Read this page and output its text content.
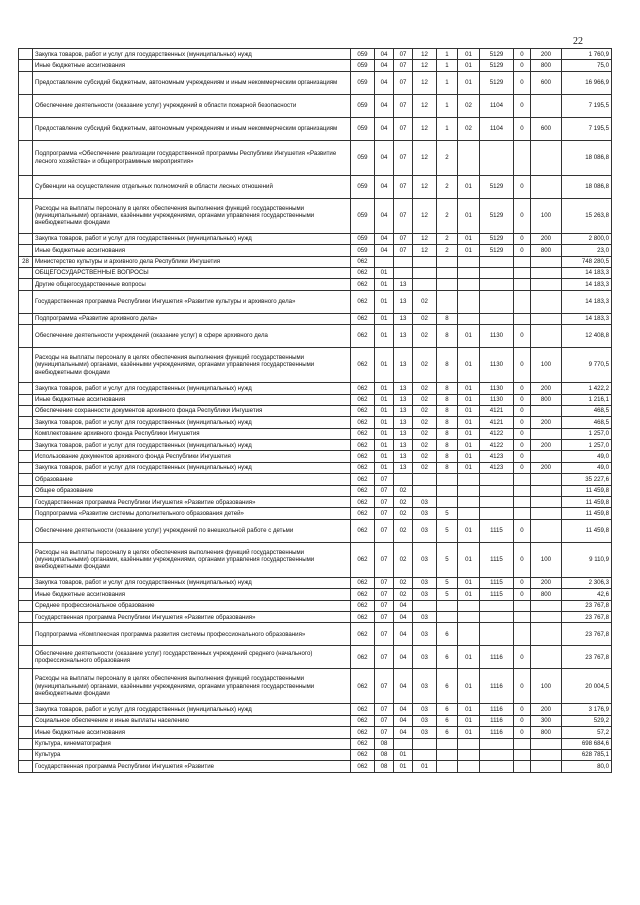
22
	Закупка товаров, работ и услуг для государственных (муниципальных) нужд	059	04	07	12	1	01	5129	0	200	1 760,9
	Иные бюджетные ассигнования	059	04	07	12	1	01	5129	0	800	75,0
	Предоставление субсидий бюджетным, автономным учреждениям и иным некоммерческим организациям	059	04	07	12	1	01	5129	0	600	16 966,9
	Обеспечение деятельности (оказание услуг) учреждений в области пожарной безопасности	059	04	07	12	1	02	1104	0		7 195,5
	Предоставление субсидий бюджетным, автономным учреждениям и иным некоммерческим организациям	059	04	07	12	1	02	1104	0	600	7 195,5
	Подпрограмма «Обеспечение реализации государственной программы Республики Ингушетия «Развитие лесного хозяйства» и общепрограммные мероприятия»	059	04	07	12	2					18 086,8
	Субвенции на осуществление отдельных полномочий в области лесных отношений	059	04	07	12	2	01	5129	0		18 086,8
	Расходы на выплаты персоналу в целях обеспечения выполнения функций государственными (муниципальными) органами, казёнными учреждениями, органами управления государственными внебюджетными фондами	059	04	07	12	2	01	5129	0	100	15 263,8
	Закупка товаров, работ и услуг для государственных (муниципальных) нужд	059	04	07	12	2	01	5129	0	200	2 800,0
	Иные бюджетные ассигнования	059	04	07	12	2	01	5129	0	800	23,0
28	Министерство культуры и архивного дела Республики Ингушетия	062									748 280,5
	ОБЩЕГОСУДАРСТВЕННЫЕ ВОПРОСЫ	062	01								14 183,3
	Другие общегосударственные вопросы	062	01	13							14 183,3
	Государственная программа Республики Ингушетия «Развитие культуры и архивного дела»	062	01	13	02						14 183,3
	Подпрограмма «Развитие архивного дела»	062	01	13	02	8					14 183,3
	Обеспечение деятельности учреждений (оказание услуг) в сфере архивного дела	062	01	13	02	8	01	1130	0		12 408,8
	Расходы на выплаты персоналу в целях обеспечения выполнения функций государственными (муниципальными) органами, казёнными учреждениями, органами управления государственными внебюджетными фондами	062	01	13	02	8	01	1130	0	100	9 770,5
	Закупка товаров, работ и услуг для государственных (муниципальных) нужд	062	01	13	02	8	01	1130	0	200	1 422,2
	Иные бюджетные ассигнования	062	01	13	02	8	01	1130	0	800	1 216,1
	Обеспечение сохранности документов архивного фонда Республики Ингушетия	062	01	13	02	8	01	4121	0		468,5
	Закупка товаров, работ и услуг для государственных (муниципальных) нужд	062	01	13	02	8	01	4121	0	200	468,5
	Комплектование архивного фонда Республики Ингушетия	062	01	13	02	8	01	4122	0		1 257,0
	Закупка товаров, работ и услуг для государственных (муниципальных) нужд	062	01	13	02	8	01	4122	0	200	1 257,0
	Использование документов архивного фонда Республики Ингушетия	062	01	13	02	8	01	4123	0		49,0
	Закупка товаров, работ и услуг для государственных (муниципальных) нужд	062	01	13	02	8	01	4123	0	200	49,0
	Образование	062	07								35 227,6
	Общее образование	062	07	02							11 459,8
	Государственная программа Республики Ингушетия «Развитие образования»	062	07	02	03						11 459,8
	Подпрограмма «Развитие системы дополнительного образования детей»	062	07	02	03	5					11 459,8
	Обеспечение деятельности (оказание услуг) учреждений по внешкольной работе с детьми	062	07	02	03	5	01	1115	0		11 459,8
	Расходы на выплаты персоналу в целях обеспечения выполнения функций государственными (муниципальными) органами, казёнными учреждениями, органами управления государственными внебюджетными фондами	062	07	02	03	5	01	1115	0	100	9 110,9
	Закупка товаров, работ и услуг для государственных (муниципальных) нужд	062	07	02	03	5	01	1115	0	200	2 306,3
	Иные бюджетные ассигнования	062	07	02	03	5	01	1115	0	800	42,6
	Среднее профессиональное образование	062	07	04							23 767,8
	Государственная программа Республики Ингушетия «Развитие образования»	062	07	04	03						23 767,8
	Подпрограмма «Комплексная программа развития системы профессионального образования»	062	07	04	03	6					23 767,8
	Обеспечение деятельности (оказание услуг) государственных учреждений среднего (начального) профессионального образования	062	07	04	03	6	01	1116	0		23 767,8
	Расходы на выплаты персоналу в целях обеспечения выполнения функций государственными (муниципальными) органами, казёнными учреждениями, органами управления государственными внебюджетными фондами	062	07	04	03	6	01	1116	0	100	20 004,5
	Закупка товаров, работ и услуг для государственных (муниципальных) нужд	062	07	04	03	6	01	1116	0	200	3 176,9
	Социальное обеспечение и иные выплаты населению	062	07	04	03	6	01	1116	0	300	529,2
	Иные бюджетные ассигнования	062	07	04	03	6	01	1116	0	800	57,2
	Культура, кинематография	062	08								698 684,6
	Культура	062	08	01							628 785,1
	Государственная программа Республики Ингушетия «Развитие	062	08	01	01						80,0
